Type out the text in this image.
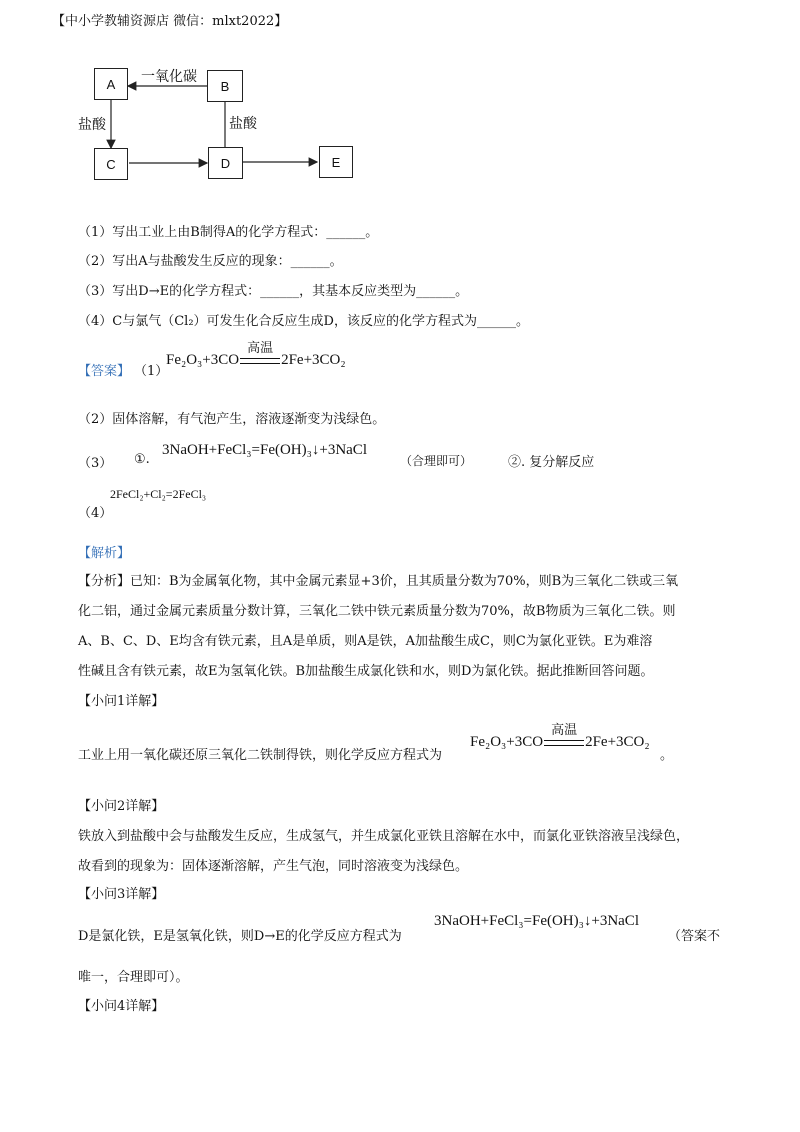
【中小学教辅资源店 微信：mlxt2022】
A	B
C	D	E
一氧化碳
盐酸	盐酸
（1）写出工业上由B制得A的化学方程式：______。
（2）写出A与盐酸发生反应的现象：______。
（3）写出D→E的化学方程式：______，其基本反应类型为______。
（4）C与氯气（Cl₂）可发生化合反应生成D，该反应的化学方程式为______。
【答案】 （1）
Fe₂O₃+3CO
高温
2Fe+3CO₂
（2）固体溶解，有气泡产生，溶液逐渐变为浅绿色。
（3） ①.
3NaOH+FeCl₃=Fe(OH)₃↓+3NaCl
（合理即可）	②. 复分解反应
（4）
2FeCl₂+Cl₂=2FeCl₃
【解析】
【分析】已知：B为金属氧化物，其中金属元素显+3价，且其质量分数为70%，则B为三氧化二铁或三氧
化二铝，通过金属元素质量分数计算，三氧化二铁中铁元素质量分数为70%，故B物质为三氧化二铁。则
A、B、C、D、E均含有铁元素，且A是单质，则A是铁，A加盐酸生成C，则C为氯化亚铁。E为难溶
性碱且含有铁元素，故E为氢氧化铁。B加盐酸生成氯化铁和水，则D为氯化铁。据此推断回答问题。
【小问1详解】
工业上用一氧化碳还原三氧化二铁制得铁，则化学反应方程式为
Fe₂O₃+3CO
高温
2Fe+3CO₂
。
【小问2详解】
铁放入到盐酸中会与盐酸发生反应，生成氢气，并生成氯化亚铁且溶解在水中，而氯化亚铁溶液呈浅绿色，
故看到的现象为：固体逐渐溶解，产生气泡，同时溶液变为浅绿色。
【小问3详解】
D是氯化铁，E是氢氧化铁，则D→E的化学反应方程式为
3NaOH+FeCl₃=Fe(OH)₃↓+3NaCl
（答案不
唯一，合理即可）。
【小问4详解】
